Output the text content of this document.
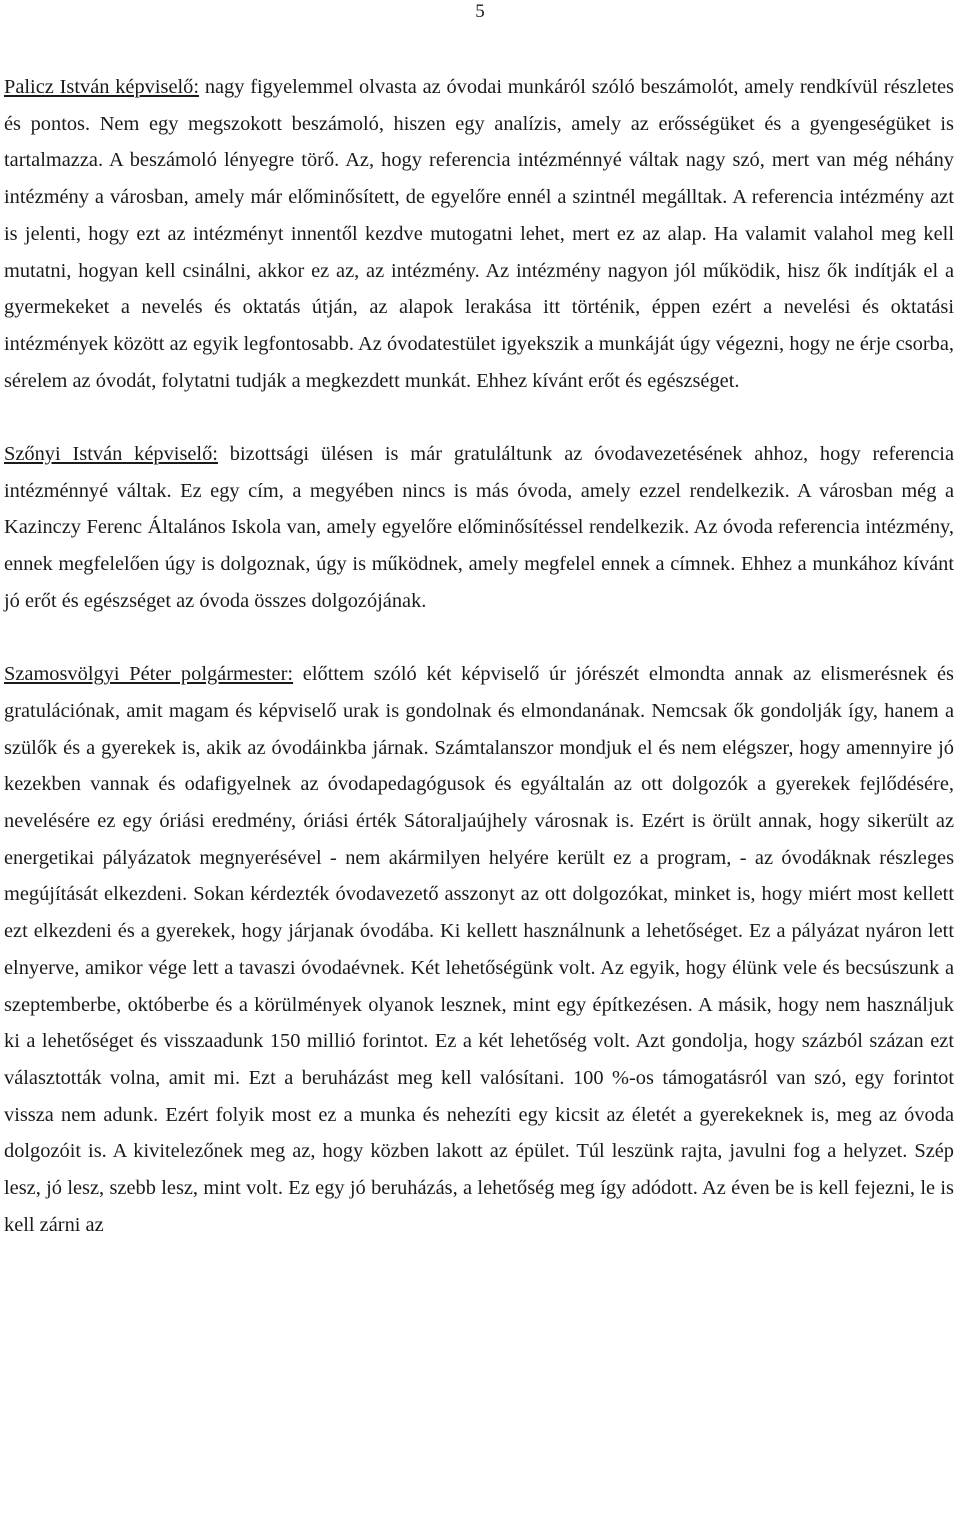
5

Palicz István képviselő: nagy figyelemmel olvasta az óvodai munkáról szóló beszámolót, amely rendkívül részletes és pontos. Nem egy megszokott beszámoló, hiszen egy analízis, amely az erősségüket és a gyengeségüket is tartalmazza. A beszámoló lényegre törő. Az, hogy referencia intézménnyé váltak nagy szó, mert van még néhány intézmény a városban, amely már előminősített, de egyelőre ennél a szintnél megálltak. A referencia intézmény azt is jelenti, hogy ezt az intézményt innentől kezdve mutogatni lehet, mert ez az alap. Ha valamit valahol meg kell mutatni, hogyan kell csinálni, akkor ez az, az intézmény. Az intézmény nagyon jól működik, hisz ők indítják el a gyermekeket a nevelés és oktatás útján, az alapok lerakása itt történik, éppen ezért a nevelési és oktatási intézmények között az egyik legfontosabb. Az óvodatestület igyekszik a munkáját úgy végezni, hogy ne érje csorba, sérelem az óvodát, folytatni tudják a megkezdett munkát. Ehhez kívánt erőt és egészséget.

Szőnyi István képviselő: bizottsági ülésen is már gratuláltunk az óvodavezetésének ahhoz, hogy referencia intézménnyé váltak. Ez egy cím, a megyében nincs is más óvoda, amely ezzel rendelkezik. A városban még a Kazinczy Ferenc Általános Iskola van, amely egyelőre előminősítéssel rendelkezik. Az óvoda referencia intézmény, ennek megfelelően úgy is dolgoznak, úgy is működnek, amely megfelel ennek a címnek. Ehhez a munkához kívánt jó erőt és egészséget az óvoda összes dolgozójának.

Szamosvölgyi Péter polgármester: előttem szóló két képviselő úr jórészét elmondta annak az elismerésnek és gratulációnak, amit magam és képviselő urak is gondolnak és elmondanának. Nemcsak ők gondolják így, hanem a szülők és a gyerekek is, akik az óvodáinkba járnak. Számtalanszor mondjuk el és nem elégszer, hogy amennyire jó kezekben vannak és odafigyelnek az óvodapedagógusok és egyáltalán az ott dolgozók a gyerekek fejlődésére, nevelésére ez egy óriási eredmény, óriási érték Sátoraljaújhely városnak is. Ezért is örült annak, hogy sikerült az energetikai pályázatok megnyerésével - nem akármilyen helyére került ez a program, - az óvodáknak részleges megújítását elkezdeni. Sokan kérdezték óvodavezető asszonyt az ott dolgozókat, minket is, hogy miért most kellett ezt elkezdeni és a gyerekek, hogy járjanak óvodába. Ki kellett használnunk a lehetőséget. Ez a pályázat nyáron lett elnyerve, amikor vége lett a tavaszi óvodaévnek. Két lehetőségünk volt. Az egyik, hogy élünk vele és becsúszunk a szeptemberbe, októberbe és a körülmények olyanok lesznek, mint egy építkezésen. A másik, hogy nem használjuk ki a lehetőséget és visszaadunk 150 millió forintot. Ez a két lehetőség volt. Azt gondolja, hogy százból százan ezt választották volna, amit mi. Ezt a beruházást meg kell valósítani. 100 %-os támogatásról van szó, egy forintot vissza nem adunk. Ezért folyik most ez a munka és nehezíti egy kicsit az életét a gyerekeknek is, meg az óvoda dolgozóit is. A kivitelezőnek meg az, hogy közben lakott az épület. Túl leszünk rajta, javulni fog a helyzet. Szép lesz, jó lesz, szebb lesz, mint volt. Ez egy jó beruházás, a lehetőség meg így adódott. Az éven be is kell fejezni, le is kell zárni az
